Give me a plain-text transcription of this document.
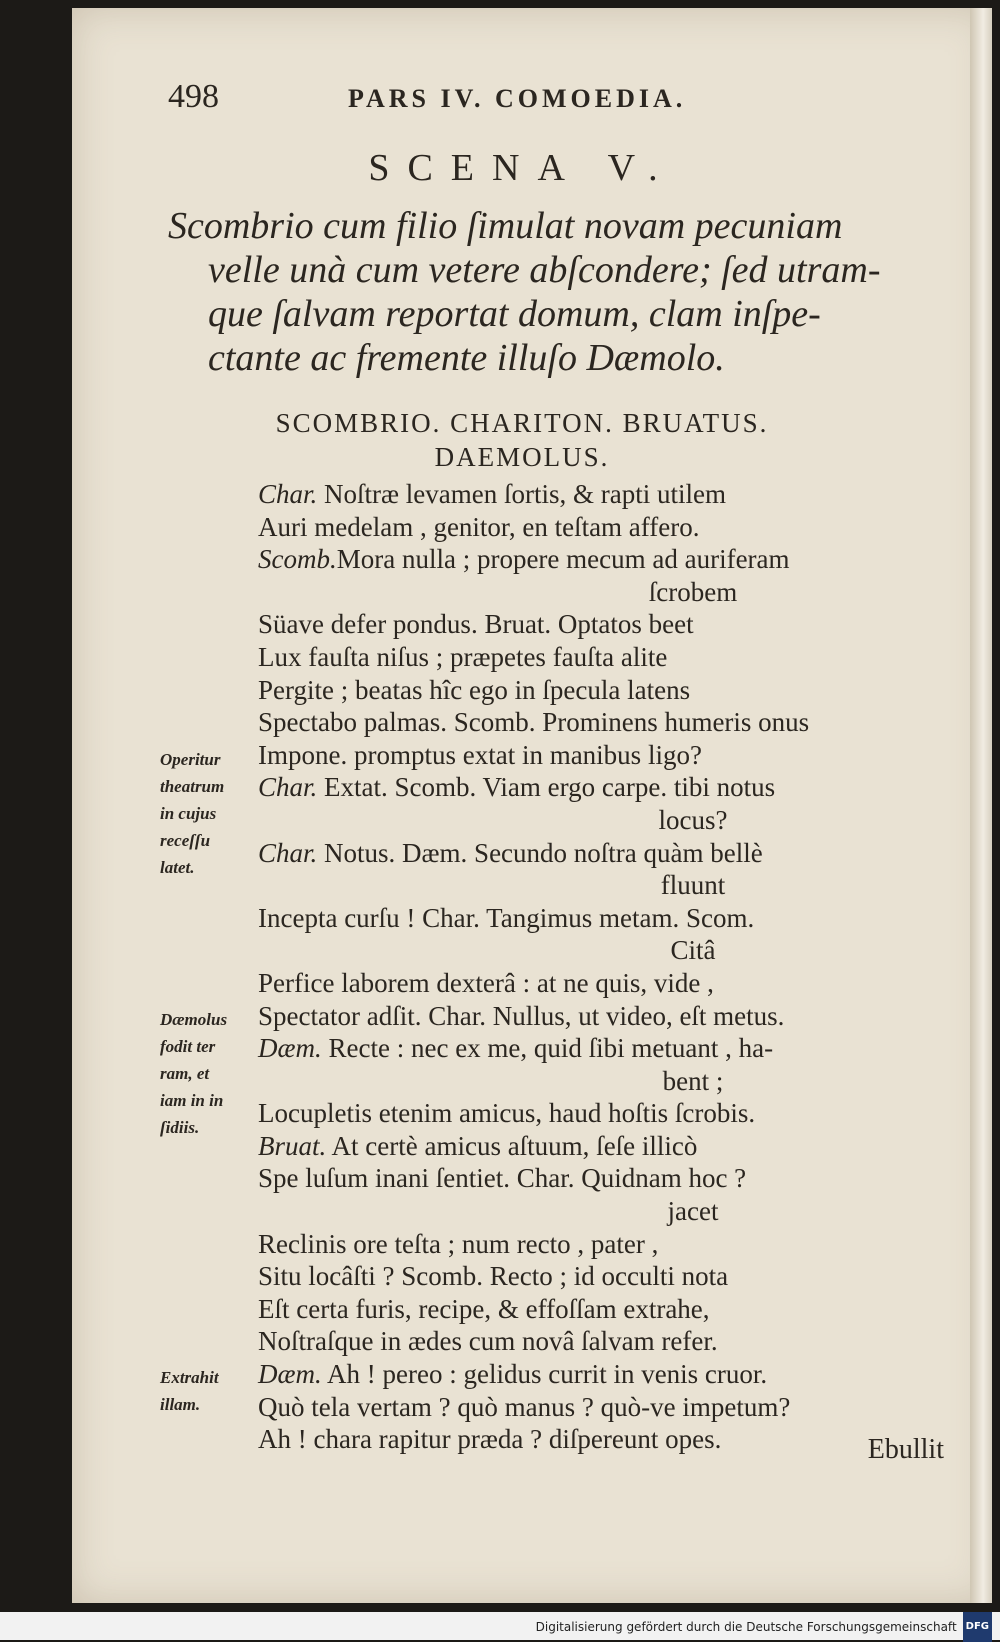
498	PARS IV. COMOEDIA.
SCENA V.
Scombrio cum filio ſimulat novam pecuniam
velle unà cum vetere abſcondere; ſed utram-
que ſalvam reportat domum, clam inſpe-
ctante ac fremente illuſo Dæmolo.
SCOMBRIO. CHARITON. BRUATUS.
DAEMOLUS.
Char. Noſtræ levamen ſortis, & rapti utilem
Auri medelam , genitor, en teſtam affero.
Scomb.Mora nulla ; propere mecum ad auriferam
ſcrobem
Süave defer pondus. Bruat. Optatos beet
Lux fauſta niſus ; præpetes fauſta alite
Pergite ; beatas hîc ego in ſpecula latens
Spectabo palmas. Scomb. Prominens humeris onus
Impone. promptus extat in manibus ligo?
Char. Extat. Scomb. Viam ergo carpe. tibi notus
locus?
Char. Notus. Dæm. Secundo noſtra quàm bellè
fluunt
Incepta curſu ! Char. Tangimus metam. Scom.
Citâ
Perfice laborem dexterâ : at ne quis, vide ,
Spectator adſit. Char. Nullus, ut video, eſt metus.
Dæm. Recte : nec ex me, quid ſibi metuant , ha-
bent ;
Locupletis etenim amicus, haud hoſtis ſcrobis.
Bruat. At certè amicus aſtuum, ſeſe illicò
Spe luſum inani ſentiet. Char. Quidnam hoc ?
jacet
Reclinis ore teſta ; num recto , pater ,
Situ locâſti ? Scomb. Recto ; id occulti nota
Eſt certa furis, recipe, & effoſſam extrahe,
Noſtraſque in ædes cum novâ ſalvam refer.
Dæm. Ah ! pereo : gelidus currit in venis cruor.
Quò tela vertam ? quò manus ? quò-ve impetum?
Ah ! chara rapitur præda ? diſpereunt opes.
Operitur
theatrum
in cujus
receſſu
latet.
Dæmolus
fodit ter
ram, et
iam in in
ſidiis.
Extrahit
illam.
Ebullit
Digitalisierung gefördert durch die Deutsche Forschungsgemeinschaft DFG
